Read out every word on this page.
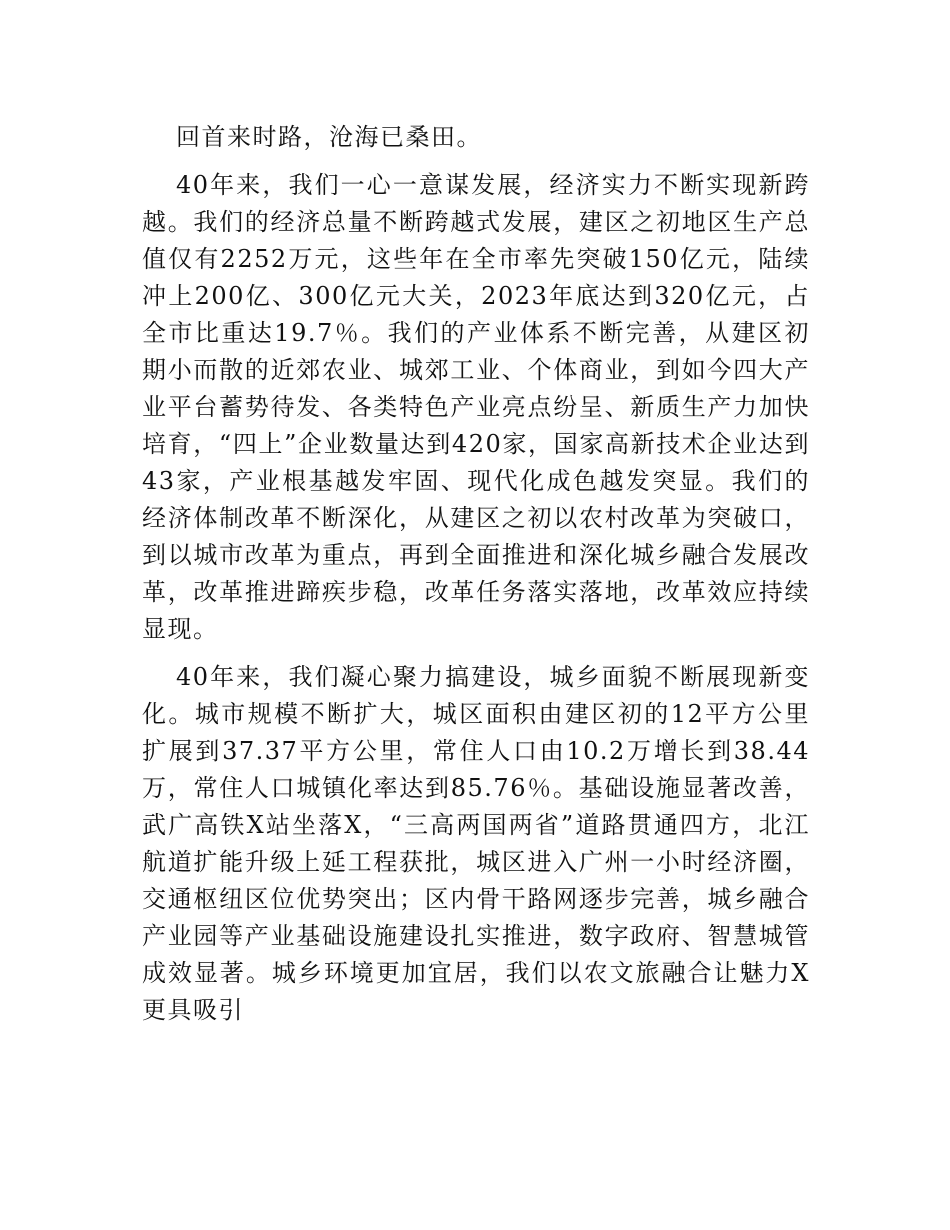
回首来时路，沧海已桑田。

40年来，我们一心一意谋发展，经济实力不断实现新跨越。我们的经济总量不断跨越式发展，建区之初地区生产总值仅有2252万元，这些年在全市率先突破150亿元，陆续冲上200亿、300亿元大关，2023年底达到320亿元，占全市比重达19.7％。我们的产业体系不断完善，从建区初期小而散的近郊农业、城郊工业、个体商业，到如今四大产业平台蓄势待发、各类特色产业亮点纷呈、新质生产力加快培育，“四上”企业数量达到420家，国家高新技术企业达到43家，产业根基越发牢固、现代化成色越发突显。我们的经济体制改革不断深化，从建区之初以农村改革为突破口，到以城市改革为重点，再到全面推进和深化城乡融合发展改革，改革推进蹄疾步稳，改革任务落实落地，改革效应持续显现。

40年来，我们凝心聚力搞建设，城乡面貌不断展现新变化。城市规模不断扩大，城区面积由建区初的12平方公里扩展到37.37平方公里，常住人口由10.2万增长到38.44万，常住人口城镇化率达到85.76％。基础设施显著改善，武广高铁X站坐落X，“三高两国两省”道路贯通四方，北江航道扩能升级上延工程获批，城区进入广州一小时经济圈，交通枢纽区位优势突出；区内骨干路网逐步完善，城乡融合产业园等产业基础设施建设扎实推进，数字政府、智慧城管成效显著。城乡环境更加宜居，我们以农文旅融合让魅力X更具吸引
